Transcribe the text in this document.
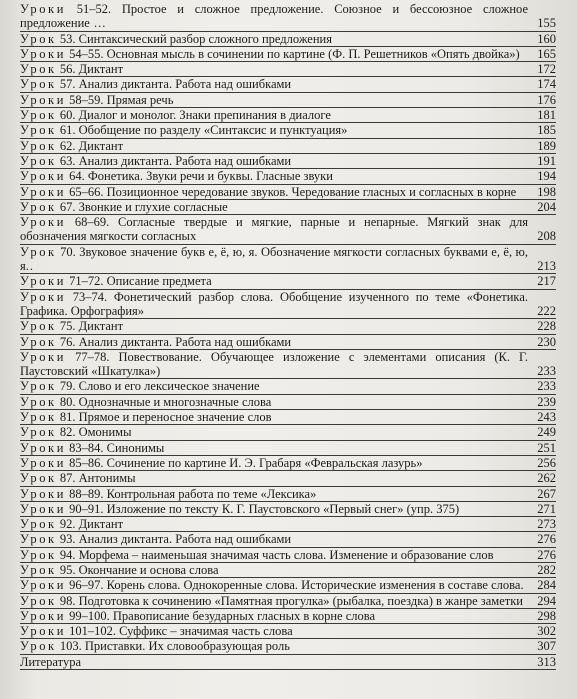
Уроки 51–52. Простое и сложное предложение. Союзное и бессоюзное сложное предложение ...	155
Урок 53. Синтаксический разбор сложного предложения	160
Уроки 54–55. Основная мысль в сочинении по картине (Ф. П. Решетников «Опять двойка») 165
Урок 56. Диктант	172
Урок 57. Анализ диктанта. Работа над ошибками	174
Уроки 58–59. Прямая речь	176
Урок 60. Диалог и монолог. Знаки препинания в диалоге	181
Урок 61. Обобщение по разделу «Синтаксис и пунктуация»	185
Урок 62. Диктант	189
Урок 63. Анализ диктанта. Работа над ошибками	191
Уроки 64. Фонетика. Звуки речи и буквы. Гласные звуки	194
Уроки 65–66. Позиционное чередование звуков. Чередование гласных и согласных в корне 198
Урок 67. Звонкие и глухие согласные	204
Уроки 68–69. Согласные твердые и мягкие, парные и непарные. Мягкий знак для обозначения мягкости согласных	208
Урок 70. Звуковое значение букв е, ё, ю, я. Обозначение мягкости согласных буквами е, ё, ю, я..	213
Уроки 71–72. Описание предмета	217
Уроки 73–74. Фонетический разбор слова. Обобщение изученного по теме «Фонетика. Графика. Орфография»	222
Урок 75. Диктант	228
Урок 76. Анализ диктанта. Работа над ошибками	230
Уроки 77–78. Повествование. Обучающее изложение с элементами описания (К. Г. Паустовский «Шкатулка»)	233
Урок 79. Слово и его лексическое значение	233
Урок 80. Однозначные и многозначные слова	239
Урок 81. Прямое и переносное значение слов	243
Урок 82. Омонимы	249
Уроки 83–84. Синонимы	251
Уроки 85–86. Сочинение по картине И. Э. Грабаря «Февральская лазурь»	256
Урок 87. Антонимы	262
Уроки 88–89. Контрольная работа по теме «Лексика»	267
Уроки 90–91. Изложение по тексту К. Г. Паустовского «Первый снег» (упр. 375)	271
Урок 92. Диктант	273
Урок 93. Анализ диктанта. Работа над ошибками	276
Урок 94. Морфема – наименьшая значимая часть слова. Изменение и образование слов	276
Урок 95. Окончание и основа слова	282
Уроки 96–97. Корень слова. Однокоренные слова. Исторические изменения в составе слова. 284
Урок 98. Подготовка к сочинению «Памятная прогулка» (рыбалка, поездка) в жанре заметки 294
Уроки 99–100. Правописание безударных гласных в корне слова	298
Уроки 101–102. Суффикс – значимая часть слова	302
Урок 103. Приставки. Их словообразующая роль	307
Литература	313
